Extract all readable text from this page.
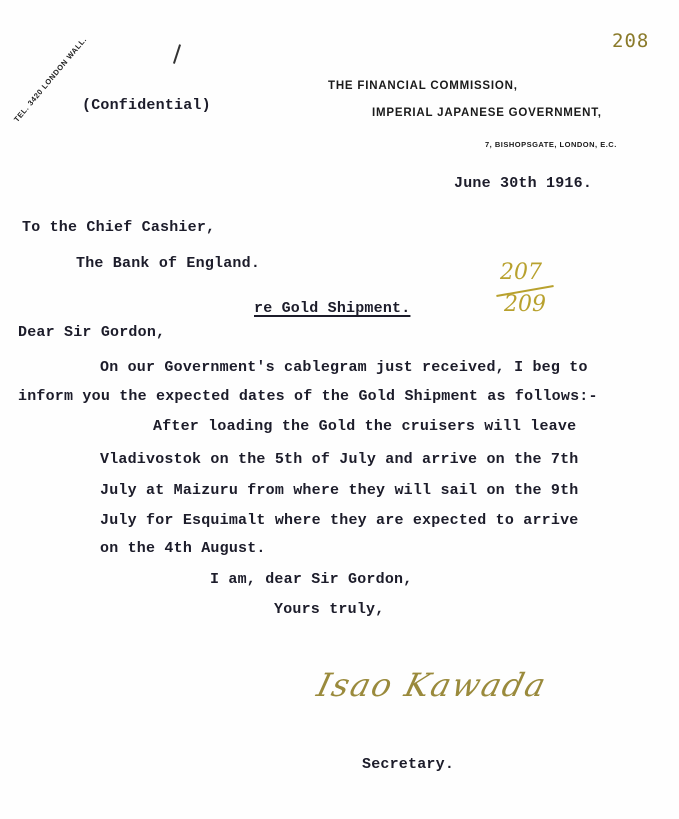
TEL. 3420 LONDON WALL.	208
(Confidential)
THE FINANCIAL COMMISSION,
IMPERIAL JAPANESE GOVERNMENT,
7, BISHOPSGATE, LONDON, E.C.
June 30th 1916.
To the Chief Cashier,
The Bank of England.	207
209
re Gold Shipment.
Dear Sir Gordon,
On our Government's cablegram just received, I beg to
inform you the expected dates of the Gold Shipment as follows:-
After loading the Gold the cruisers will leave
Vladivostok on the 5th of July and arrive on the 7th
July at Maizuru from where they will sail on the 9th
July for Esquimalt where they are expected to arrive
on the 4th August.
I am, dear Sir Gordon,
Yours truly,
Isao Kawada
Secretary.
